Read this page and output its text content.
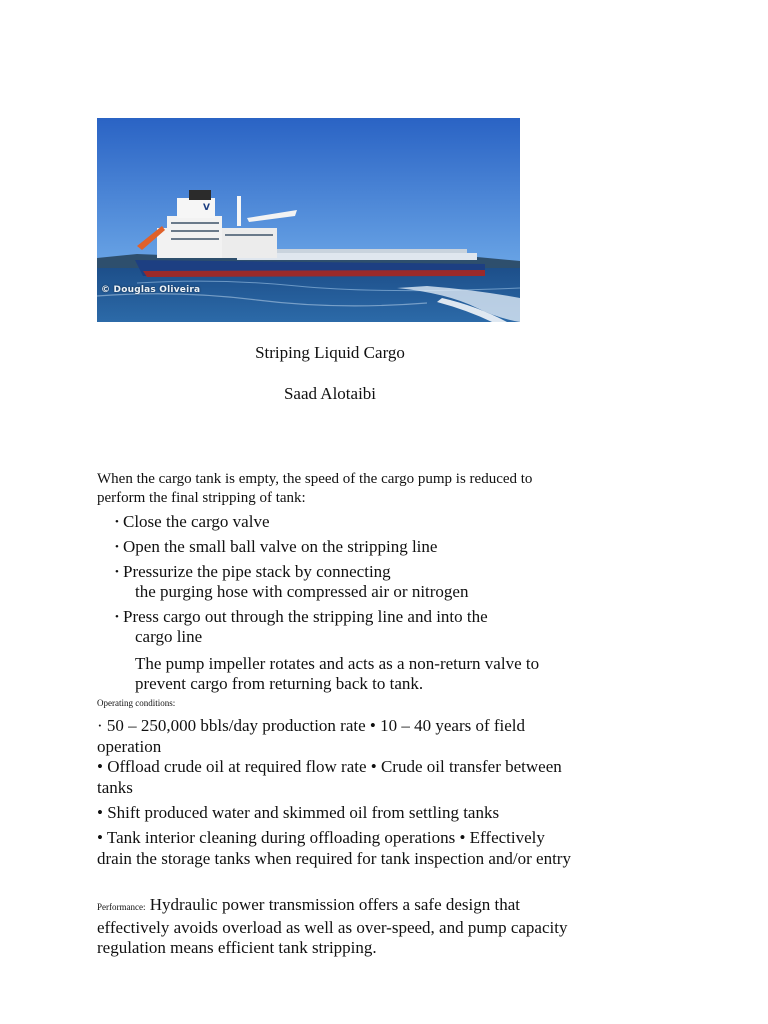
V
© Douglas Oliveira
Striping Liquid Cargo
Saad Alotaibi
When the cargo tank is empty, the speed of the cargo pump is reduced to perform the final stripping of tank:
• Close the cargo valve
• Open the small ball valve on the stripping line
• Pressurize the pipe stack by connecting
the purging hose with compressed air or nitrogen
• Press cargo out through the stripping line and into the
cargo line
The pump impeller rotates and acts as a non-return valve to prevent cargo from returning back to tank.
Operating conditions:
· 50 – 250,000 bbls/day production rate • 10 – 40 years of field operation
• Offload crude oil at required flow rate • Crude oil transfer between tanks
• Shift produced water and skimmed oil from settling tanks
• Tank interior cleaning during offloading operations • Effectively drain the storage tanks when required for tank inspection and/or entry
Performance: Hydraulic power transmission offers a safe design that effectively avoids overload as well as over-speed, and pump capacity regulation means efficient tank stripping.
